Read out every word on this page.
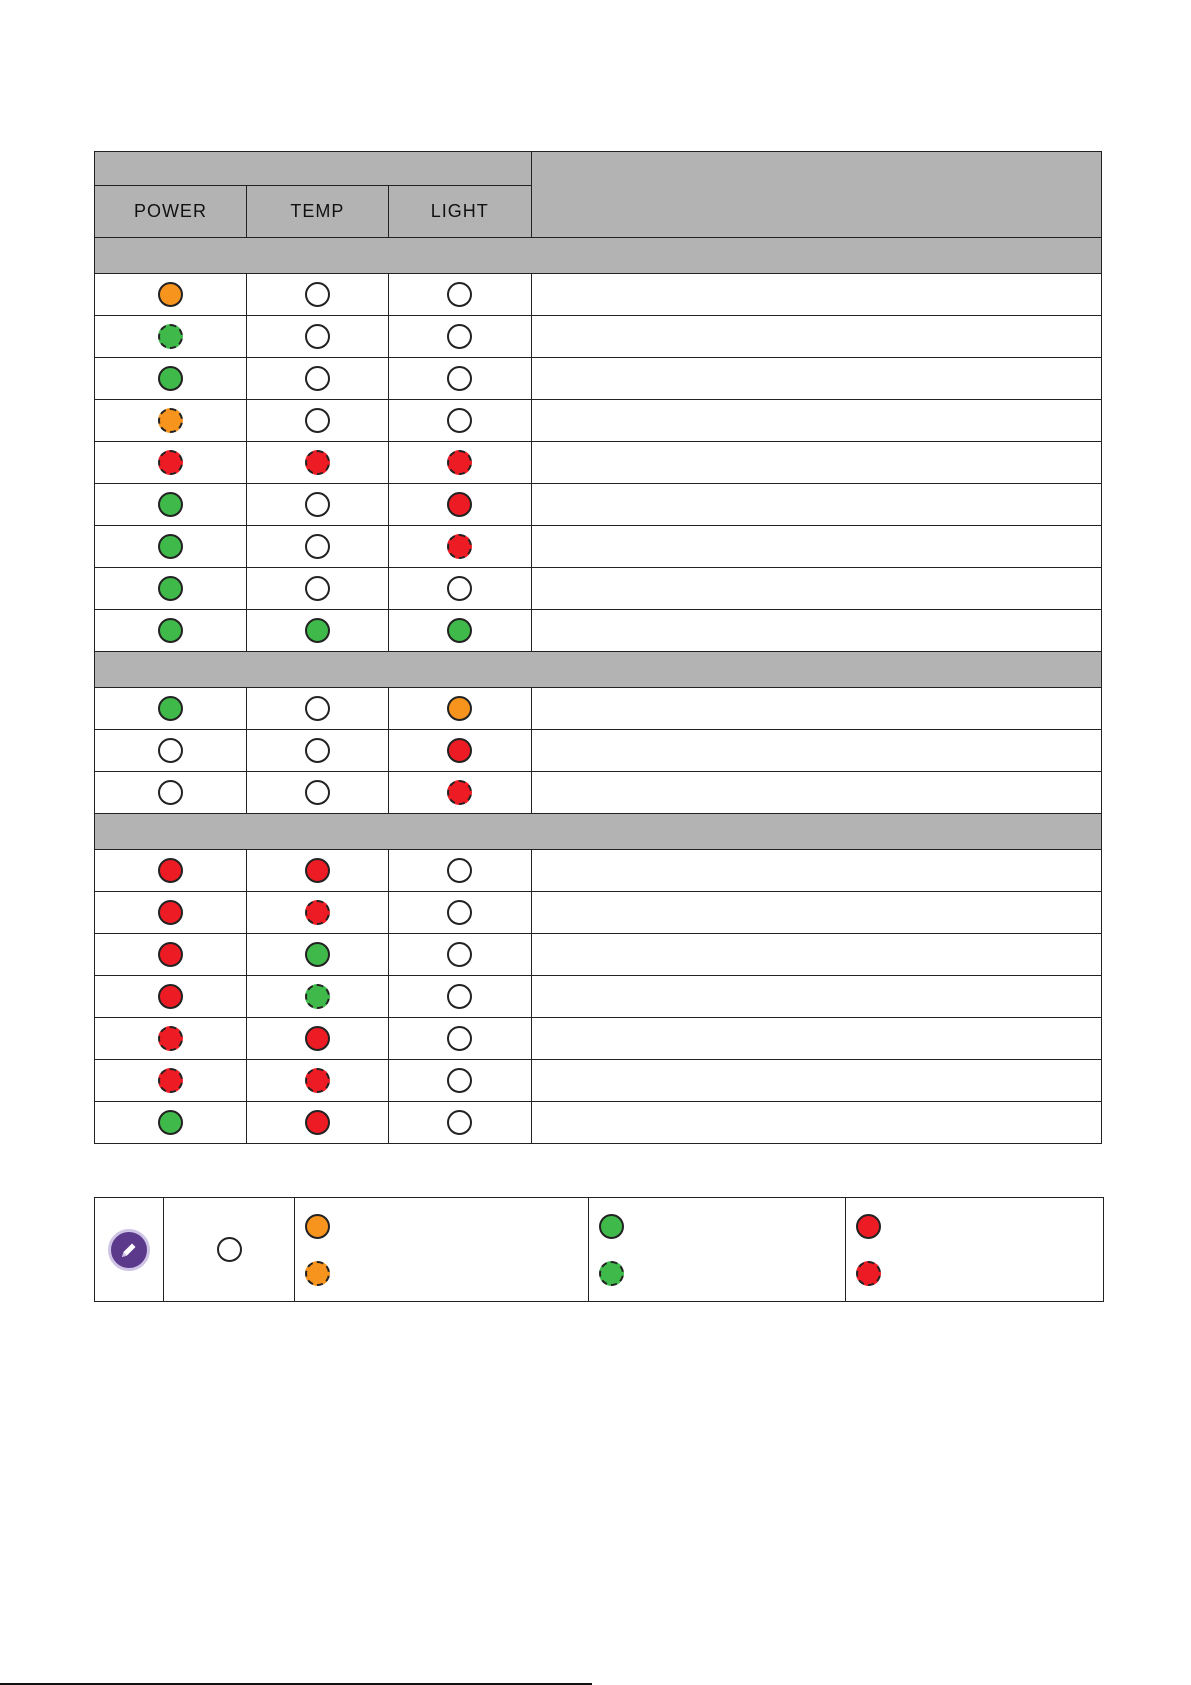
POWER	TEMP	LIGHT	
